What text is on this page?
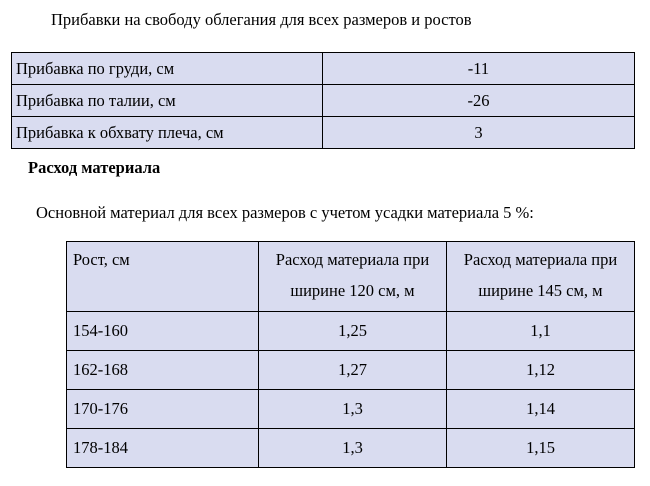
Прибавки на свободу облегания для всех размеров и ростов
Прибавка по груди, см	-11
Прибавка по талии, см	-26
Прибавка к обхвату плеча, см	3
Расход материала
Основной материал для всех размеров с учетом усадки материала 5 %:
Рост, см	Расход материала при ширине 120 см, м	Расход материала при ширине 145 см, м
154-160	1,25	1,1
162-168	1,27	1,12
170-176	1,3	1,14
178-184	1,3	1,15
